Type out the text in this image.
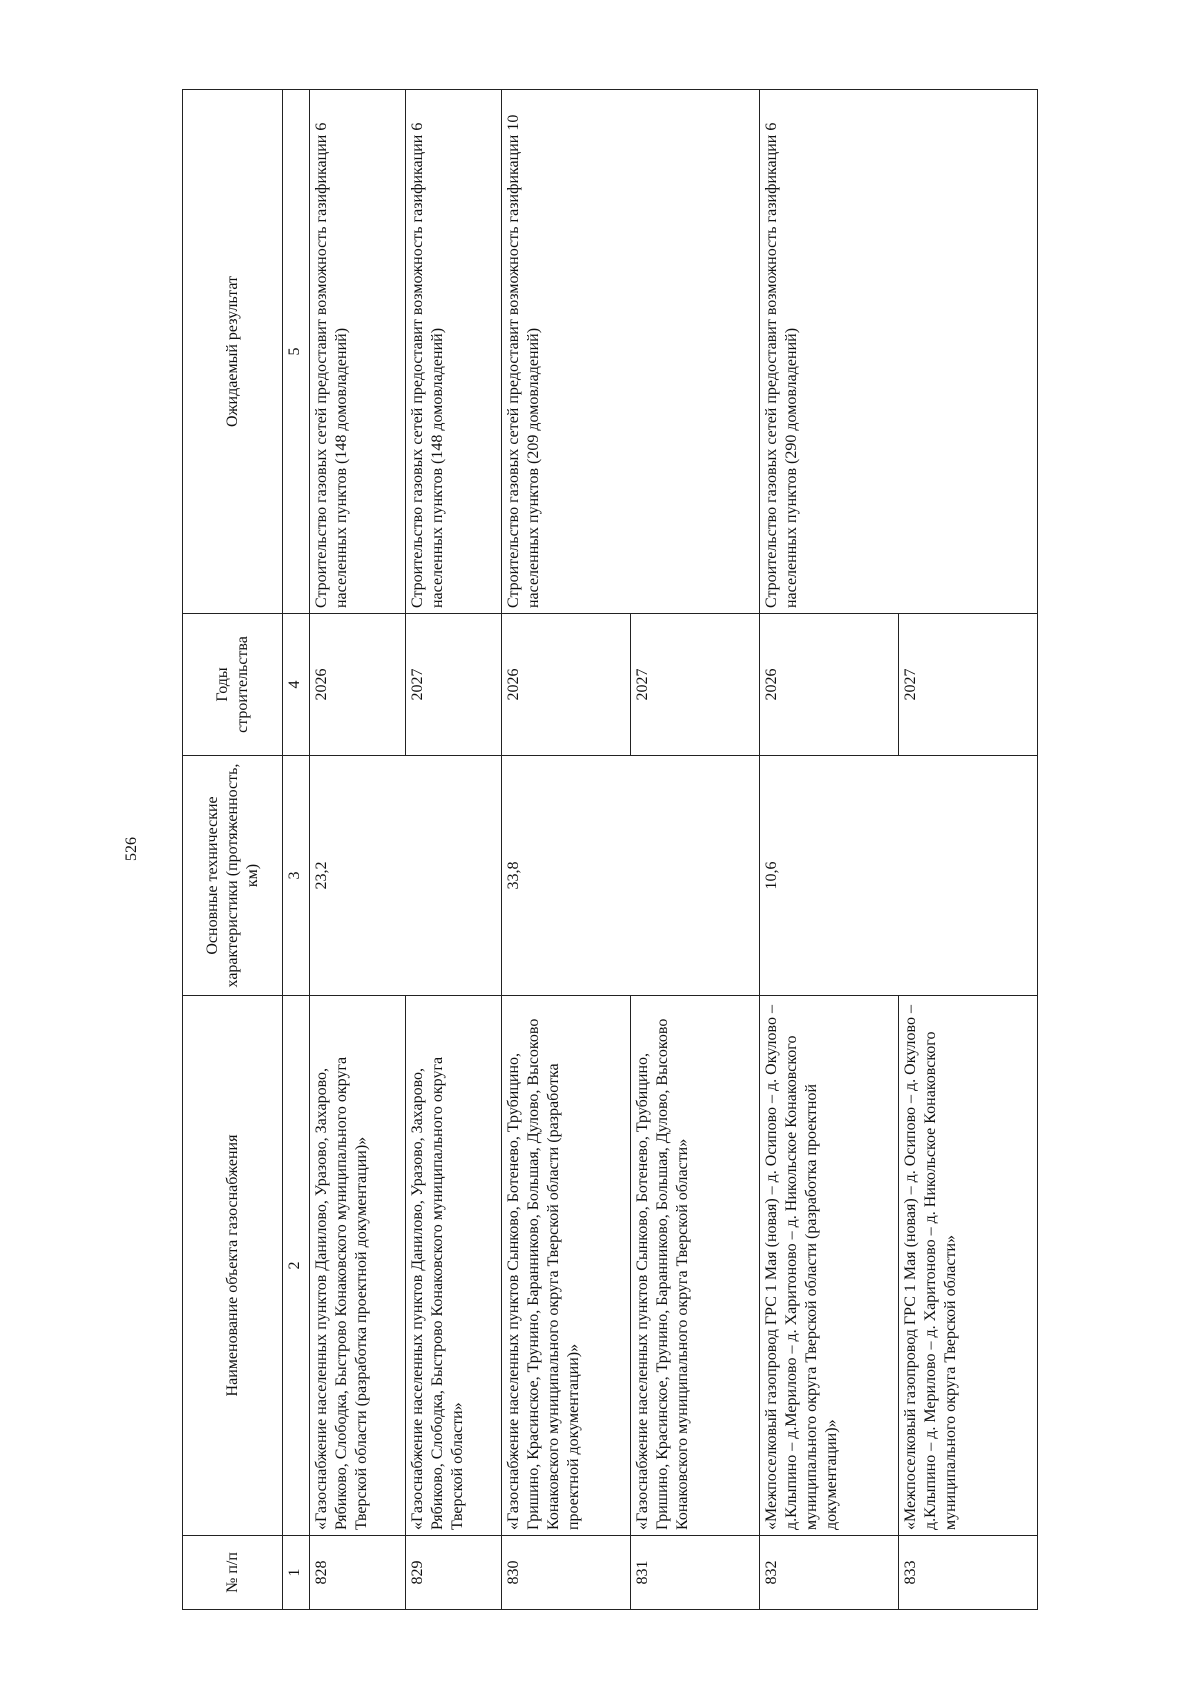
526
№ п/п	Наименование объекта газоснабжения	Основные технические характеристики (протяженность, км)	Годы строительства	Ожидаемый результат
1	2	3	4	5
828	«Газоснабжение населенных пунктов Данилово, Уразово, Захарово, Рябиково, Слободка, Быстрово Конаковского муниципального округа Тверской области (разработка проектной документации)»	23,2	2026	Строительство газовых сетей предоставит возможность газификации 6 населенных пунктов (148 домовладений)
829	«Газоснабжение населенных пунктов Данилово, Уразово, Захарово, Рябиково, Слободка, Быстрово Конаковского муниципального округа Тверской области»		2027	Строительство газовых сетей предоставит возможность газификации 6 населенных пунктов (148 домовладений)
830	«Газоснабжение населенных пунктов Сынково, Ботенево, Трубицино, Гришино, Красинское, Трунино, Баранниково, Большая, Дулово, Высоково Конаковского муниципального округа Тверской области (разработка проектной документации)»	33,8	2026	Строительство газовых сетей предоставит возможность газификации 10 населенных пунктов (209 домовладений)
831	«Газоснабжение населенных пунктов Сынково, Ботенево, Трубицино, Гришино, Красинское, Трунино, Баранниково, Большая, Дулово, Высоково Конаковского муниципального округа Тверской области»		2027	
832	«Межпоселковый газопровод ГРС 1 Мая (новая) – д. Осипово – д. Окулово – д.Клыпино – д.Мерилово – д. Харитоново – д. Никольское Конаковского муниципального округа Тверской области (разработка проектной документации)»	10,6	2026	Строительство газовых сетей предоставит возможность газификации 6 населенных пунктов (290 домовладений)
833	«Межпоселковый газопровод ГРС 1 Мая (новая) – д. Осипово – д. Окулово – д.Клыпино – д. Мерилово – д. Харитоново – д. Никольское Конаковского муниципального округа Тверской области»		2027	
